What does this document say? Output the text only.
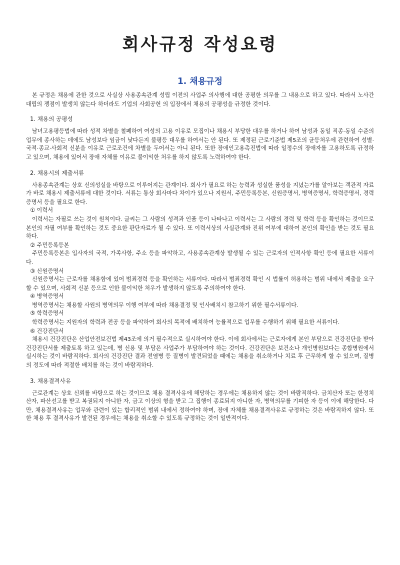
회사규정 작성요령
1. 채용규정

본 규정은 채용에 관한 것으로 사실상 사용종속관계 성립 이전의 사업주 의사행에 대한 공평한 의무를 그 내용으로 하고 있다. 따라서 노사간 대립의 쟁점이 발생치 않는다 하더라도 기업의 사회공헌 의 입장에서 채용의 공평성을 규정한 것이다.

1. 채용의 공평성

남녀고용평등법에 따라 성적 차별을 철폐하여 여성의 고용 이유로 모집이나 채용시 부당한 대우를 하거나 하여 남성과 동일 직종·동일 수준의 업무에 종사하는 데에도 남성보다 임금이 낮다든지 불평등 대우를 하여서는 안 된다. 또 제정된 근로기준법 제5조의 균등처우에 관련하여 성별·국적·종교·사회적 신분을 이유로 근로조건에 차별을 두어서는 아니 된다. 또한 장애인고용촉진법에 따라 일정수의 장애자를 고용하도록 규정하고 있으며, 채용에 있어서 장애 자체를 이유로 불이익한 처우를 하지 않도록 노력하여야 한다.

2. 채용시의 제출서류

사용종속관계는 상호 신의성실을 바탕으로 이루어지는 관계이다. 회사가 필요로 하는 능력과 성실한 품성을 지녔는가를 알아보는 객관적 자료가 바로 채용시 제출서류에 대한 것이다. 서류는 통상 회사마다 차이가 있으나 지원서, 주민등록등본, 신원증명서, 병역증명서, 학력증명서, 경력증명서 등을 필요로 한다.

① 이력서

이력서는 자필로 쓰는 것이 원칙이다. 글씨는 그 사람의 성격과 인품 등이 나타나고 이력서는 그 사람의 경력 및 학력 등을 확인하는 것이므로 본인의 자필 여부를 확인하는 것도 중요한 판단자료가 될 수 있다. 또 이력서상의 사실관계와 진위 여부에 대하여 본인의 확인을 받는 것도 필요하다.

② 주민등록등본

주민등록등본은 입사자의 국적, 가족사항, 주소 등을 파악하고, 사용종속관계상 발생될 수 있는 근로자의 인적사항 확인 등에 필요한 서류이다.

③ 신원증명서

신원증명서는 근로자를 채용함에 있어 범죄경력 등을 확인하는 서류이다. 따라서 범죄경력 확인 시 법률이 허용하는 범위 내에서 제출을 요구할 수 있으며, 사회적 신분 등으로 인한 불이익한 처우가 발생하지 않도록 주의하여야 한다.

④ 병역증명서

병역증명서는 채용할 사원의 병역의무 이행 여부에 따라 채용결정 및 인사배치시 참고하기 위한 필수서류이다.

⑤ 학력증명서

학력증명서는 지원자의 학력과 전공 등을 파악하여 회사의 목적에 배치하여 능률적으로 업무를 수행하기 위해 필요한 서류이다.

⑥ 건강진단서

채용시 건강진단은 산업안전보건법 제43조에 의거 필수적으로 실시하여야 한다. 이에 회사에서는 근로자에게 본인 부담으로 건강진단을 받아 건강진단서를 제출토록 하고 있는데, 병 신용 및 부담은 사업주가 부담하여야 하는 것이다. 건강진단은 보건소나 개인병원보다는 종합병원에서 실시하는 것이 바람직하다. 회사의 건강진단 결과 전염병 등 질병이 발견되었을 때에는 채용을 취소하거나 치료 후 근무하게 할 수 있으며, 질병의 정도에 따라 적절한 배치를 하는 것이 바람직하다.

3. 채용결격사유

근로관계는 상호 신뢰를 바탕으로 하는 것이므로 채용 결격사유에 해당하는 경우에는 채용하지 않는 것이 바람직하다. 금치산자 또는 한정치산자, 파산선고를 받고 복권되지 아니한 자, 금고 이상의 형을 받고 그 집행이 종료되지 아니한 자, 병역의무를 기피한 자 등이 이에 해당한다. 다만, 채용결격사유는 업무와 관련이 있는 합리적인 범위 내에서 정하여야 하며, 장애 자체를 채용결격사유로 규정하는 것은 바람직하지 않다. 또한 채용 후 결격사유가 발견된 경우에는 채용을 취소할 수 있도록 규정하는 것이 일반적이다.
